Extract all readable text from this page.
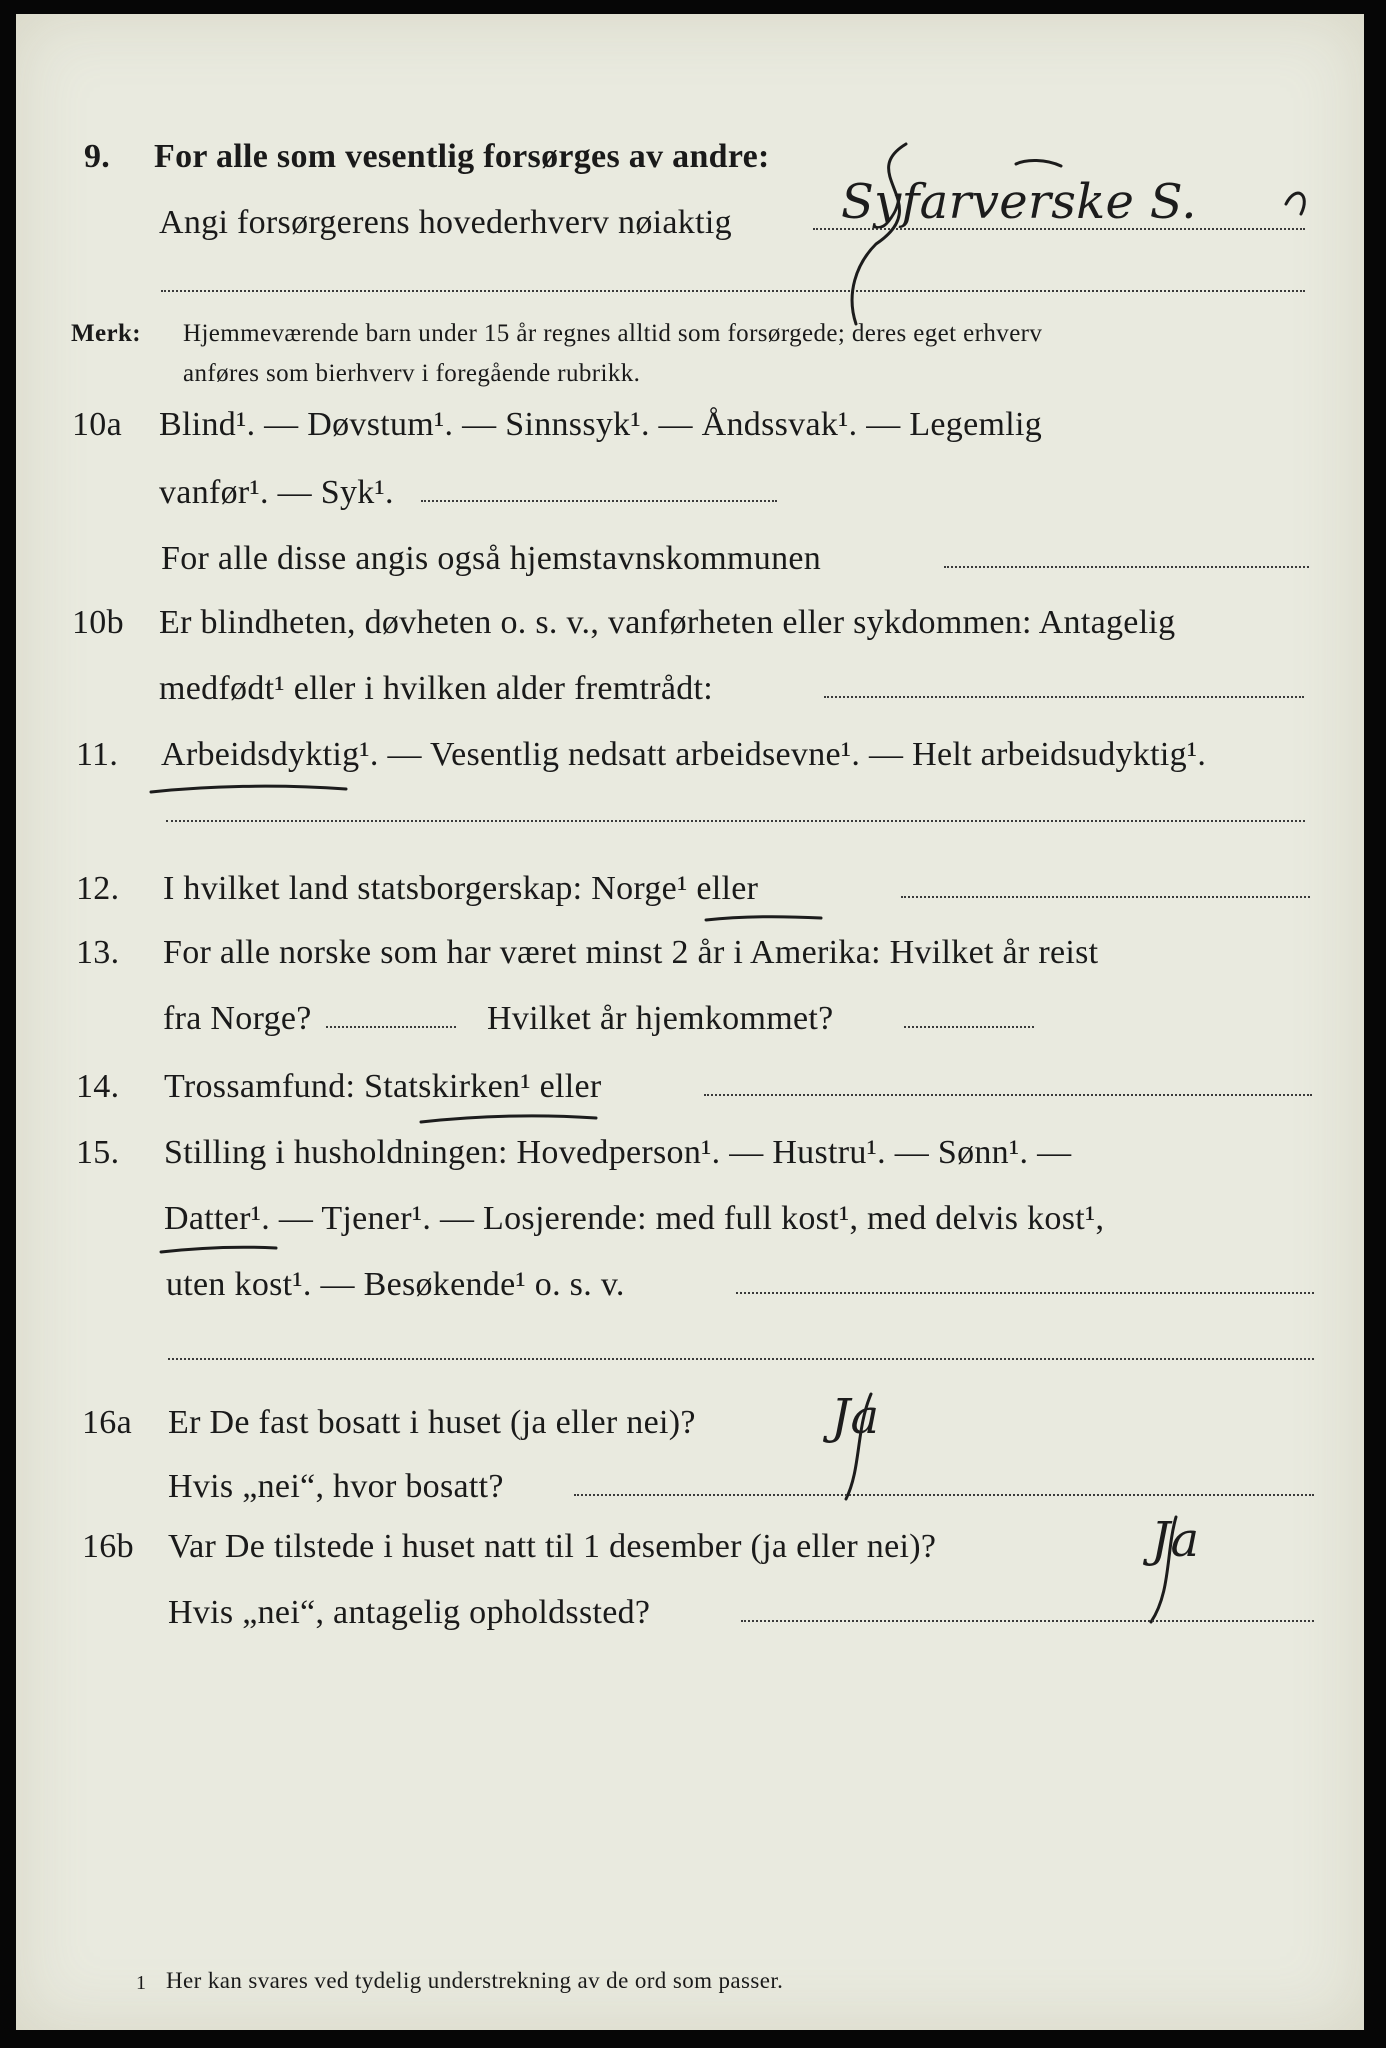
9. For alle som vesentlig forsørges av andre:
Angi forsørgerens hovederhverv nøiaktig Syfarverske S.
Merk: Hjemmeværende barn under 15 år regnes alltid som forsørgede; deres eget erhverv
anføres som bierhverv i foregående rubrikk.
10a Blind¹. — Døvstum¹. — Sinnssyk¹. — Åndssvak¹. — Legemlig
vanfør¹. — Syk¹.
For alle disse angis også hjemstavnskommunen
10b Er blindheten, døvheten o. s. v., vanførheten eller sykdommen: Antagelig
medfødt¹ eller i hvilken alder fremtrådt:
11. Arbeidsdyktig¹. — Vesentlig nedsatt arbeidsevne¹. — Helt arbeidsudyktig¹.
12. I hvilket land statsborgerskap: Norge¹ eller
13. For alle norske som har været minst 2 år i Amerika: Hvilket år reist
fra Norge?	Hvilket år hjemkommet?
14. Trossamfund: Statskirken¹ eller
15. Stilling i husholdningen: Hovedperson¹. — Hustru¹. — Sønn¹. —
Datter¹. — Tjener¹. — Losjerende: med full kost¹, med delvis kost¹,
uten kost¹. — Besøkende¹ o. s. v.
16a Er De fast bosatt i huset (ja eller nei)?	Ja
Hvis „nei“, hvor bosatt?
16b Var De tilstede i huset natt til 1 desember (ja eller nei)?	Ja
Hvis „nei“, antagelig opholdssted?
1 Her kan svares ved tydelig understrekning av de ord som passer.
